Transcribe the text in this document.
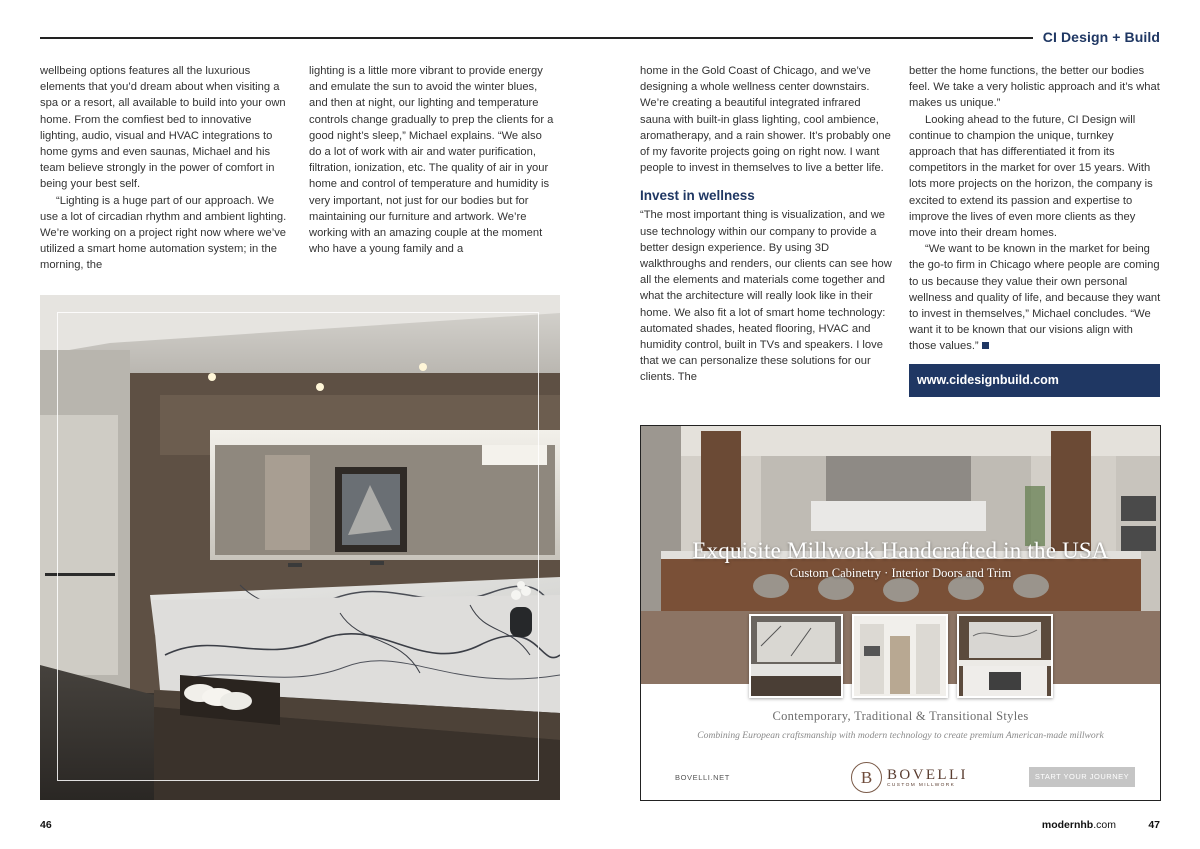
CI Design + Build

wellbeing options features all the luxurious elements that you’d dream about when visiting a spa or a resort, all available to build into your own home. From the comfiest bed to innovative lighting, audio, visual and HVAC integrations to home gyms and even saunas, Michael and his team believe strongly in the power of comfort in being your best self.

“Lighting is a huge part of our approach. We use a lot of circadian rhythm and ambient lighting. We’re working on a project right now where we’ve utilized a smart home automation system; in the morning, the

lighting is a little more vibrant to provide energy and emulate the sun to avoid the winter blues, and then at night, our lighting and temperature controls change gradually to prep the clients for a good night’s sleep,” Michael explains. “We also do a lot of work with air and water purification, filtration, ionization, etc. The quality of air in your home and control of temperature and humidity is very important, not just for our bodies but for maintaining our furniture and artwork. We’re working with an amazing couple at the moment who have a young family and a

home in the Gold Coast of Chicago, and we’ve designing a whole wellness center downstairs. We’re creating a beautiful integrated infrared sauna with built-in glass lighting, cool ambience, aromatherapy, and a rain shower. It’s probably one of my favorite projects going on right now. I want people to invest in themselves to live a better life.

Invest in wellness

“The most important thing is visualization, and we use technology within our company to provide a better design experience. By using 3D walkthroughs and renders, our clients can see how all the elements and materials come together and what the architecture will really look like in their home. We also fit a lot of smart home technology: automated shades, heated flooring, HVAC and humidity control, built in TVs and speakers. I love that we can personalize these solutions for our clients. The

better the home functions, the better our bodies feel. We take a very holistic approach and it’s what makes us unique.”

Looking ahead to the future, CI Design will continue to champion the unique, turnkey approach that has differentiated it from its competitors in the market for over 15 years. With lots more projects on the horizon, the company is excited to extend its passion and expertise to improve the lives of even more clients as they move into their dream homes.

“We want to be known in the market for being the go-to firm in Chicago where people are coming to us because they value their own personal wellness and quality of life, and because they want to invest in themselves,” Michael concludes. “We want it to be known that our visions align with those values.”

www.cidesignbuild.com
Exquisite Millwork Handcrafted in the USA
Custom Cabinetry · Interior Doors and Trim
Contemporary, Traditional & Transitional Styles
Combining European craftsmanship with modern technology to create premium American-made millwork
BOVELLI.NET	B BOVELLI
CUSTOM MILLWORK
START YOUR JOURNEY
46	modernhb.com	47
